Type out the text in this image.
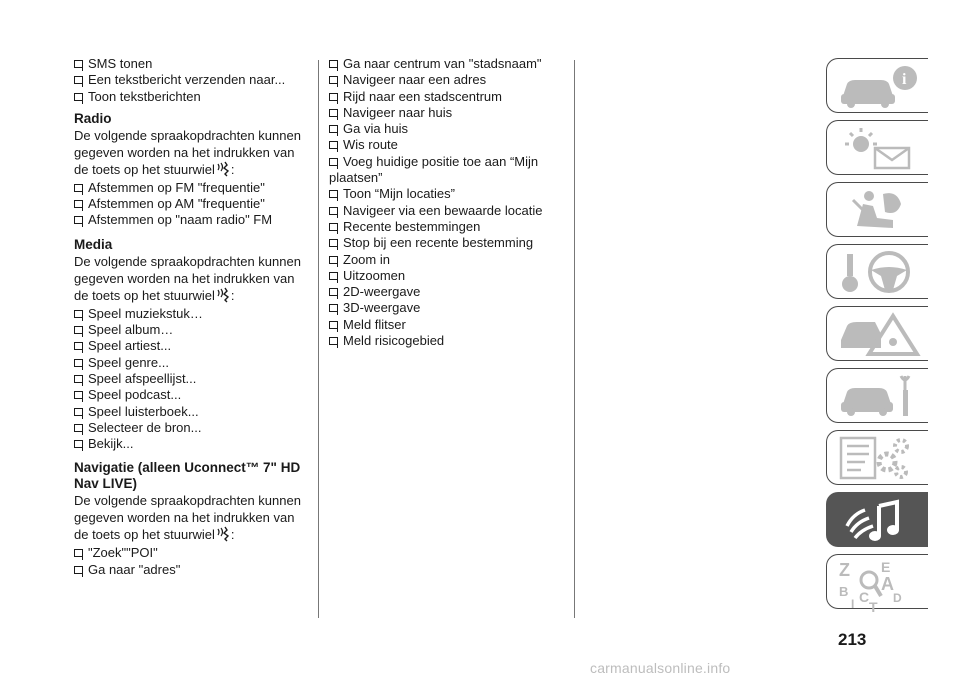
SMS tonen
Een tekstbericht verzenden naar...
Toon tekstberichten
Radio
De volgende spraakopdrachten kunnen
gegeven worden na het indrukken van
de toets op het stuurwiel :
Afstemmen op FM "frequentie"
Afstemmen op AM "frequentie"
Afstemmen op "naam radio" FM
Media
De volgende spraakopdrachten kunnen
gegeven worden na het indrukken van
de toets op het stuurwiel :
Speel muziekstuk…
Speel album…
Speel artiest...
Speel genre...
Speel afspeellijst...
Speel podcast...
Speel luisterboek...
Selecteer de bron...
Bekijk...
Navigatie (alleen Uconnect™ 7" HD
Nav LIVE)
De volgende spraakopdrachten kunnen
gegeven worden na het indrukken van
de toets op het stuurwiel :
"Zoek""POI"
Ga naar "adres"
Ga naar centrum van "stadsnaam"
Navigeer naar een adres
Rijd naar een stadscentrum
Navigeer naar huis
Ga via huis
Wis route
Voeg huidige positie toe aan “Mijn
plaatsen”
Toon “Mijn locaties”
Navigeer via een bewaarde locatie
Recente bestemmingen
Stop bij een recente bestemming
Zoom in
Uitzoomen
2D-weergave
3D-weergave
Meld flitser
Meld risicogebied
i
Z E
B A
D
I C
T
213
carmanualsonline.info
